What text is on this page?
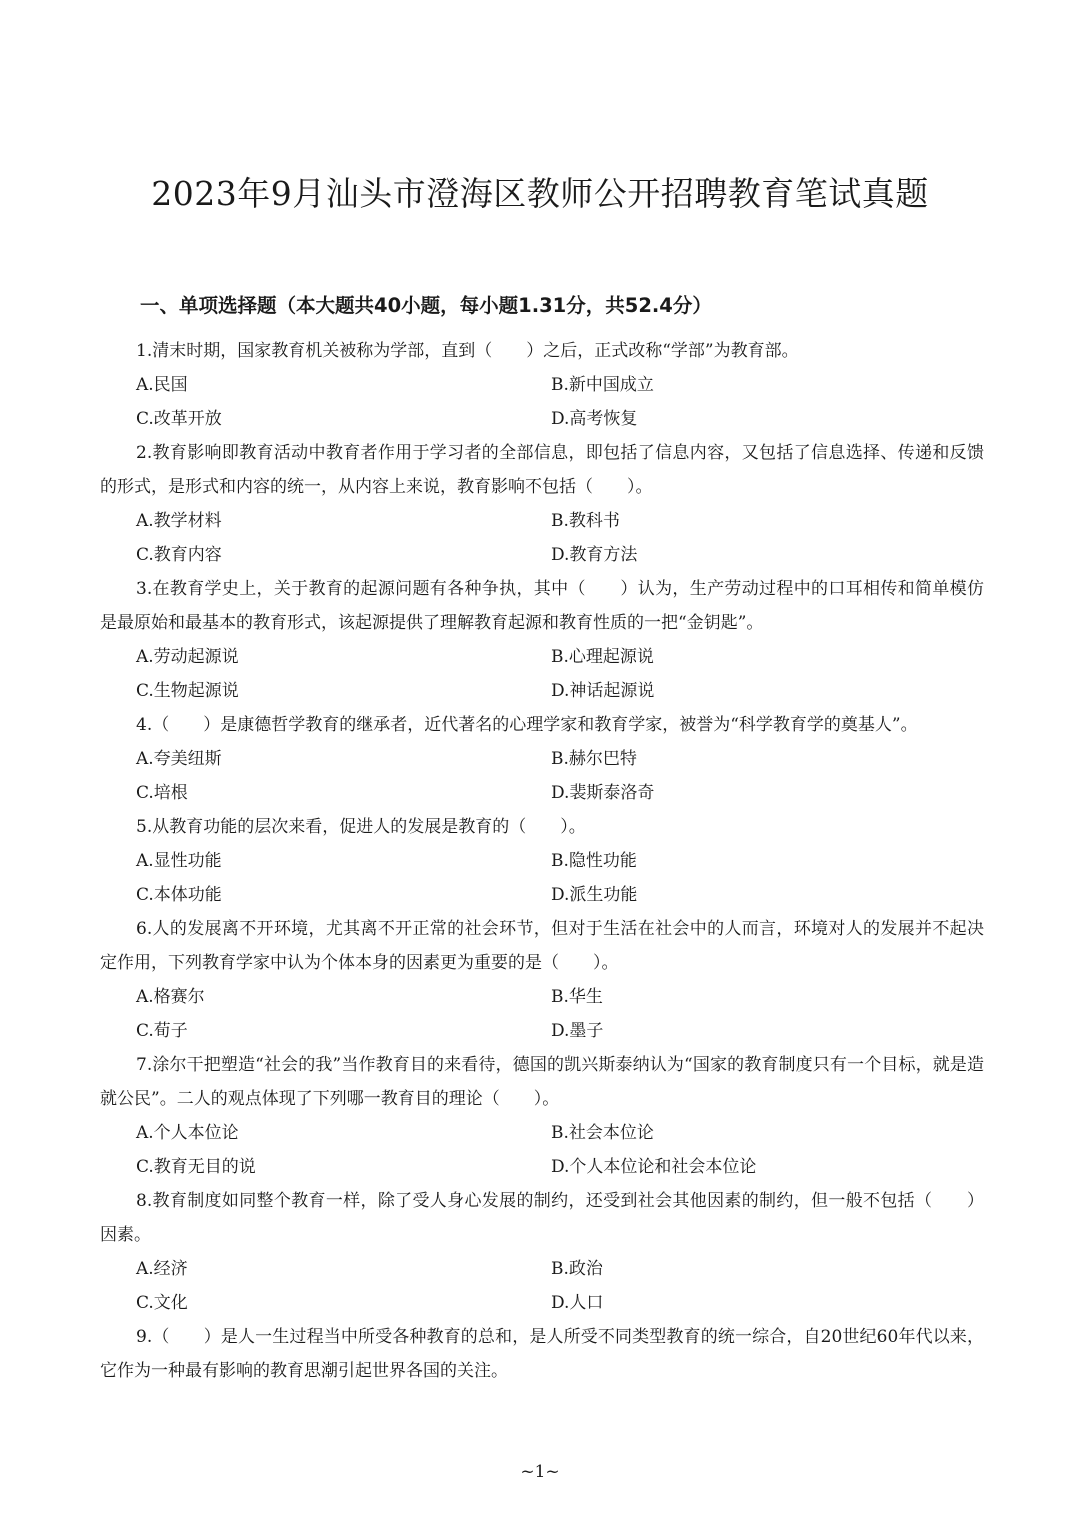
2023年9月汕头市澄海区教师公开招聘教育笔试真题
一、单项选择题（本大题共40小题，每小题1.31分，共52.4分）

1.清末时期，国家教育机关被称为学部，直到（　　）之后，正式改称“学部”为教育部。

A.民国	B.新中国成立
C.改革开放	D.高考恢复

2.教育影响即教育活动中教育者作用于学习者的全部信息，即包括了信息内容，又包括了信息选择、传递和反馈的形式，是形式和内容的统一，从内容上来说，教育影响不包括（　　）。

A.教学材料	B.教科书
C.教育内容	D.教育方法

3.在教育学史上，关于教育的起源问题有各种争执，其中（　　）认为，生产劳动过程中的口耳相传和简单模仿是最原始和最基本的教育形式，该起源提供了理解教育起源和教育性质的一把“金钥匙”。

A.劳动起源说	B.心理起源说
C.生物起源说	D.神话起源说

4.（　　）是康德哲学教育的继承者，近代著名的心理学家和教育学家，被誉为“科学教育学的奠基人”。

A.夸美纽斯	B.赫尔巴特
C.培根	D.裴斯泰洛奇

5.从教育功能的层次来看，促进人的发展是教育的（　　）。

A.显性功能	B.隐性功能
C.本体功能	D.派生功能

6.人的发展离不开环境，尤其离不开正常的社会环节，但对于生活在社会中的人而言，环境对人的发展并不起决定作用，下列教育学家中认为个体本身的因素更为重要的是（　　）。

A.格赛尔	B.华生
C.荀子	D.墨子

7.涂尔干把塑造“社会的我”当作教育目的来看待，德国的凯兴斯泰纳认为“国家的教育制度只有一个目标，就是造就公民”。二人的观点体现了下列哪一教育目的理论（　　）。

A.个人本位论	B.社会本位论
C.教育无目的说	D.个人本位论和社会本位论

8.教育制度如同整个教育一样，除了受人身心发展的制约，还受到社会其他因素的制约，但一般不包括（　　）因素。

A.经济	B.政治
C.文化	D.人口

9.（　　）是人一生过程当中所受各种教育的总和，是人所受不同类型教育的统一综合，自20世纪60年代以来，它作为一种最有影响的教育思潮引起世界各国的关注。

~1~
